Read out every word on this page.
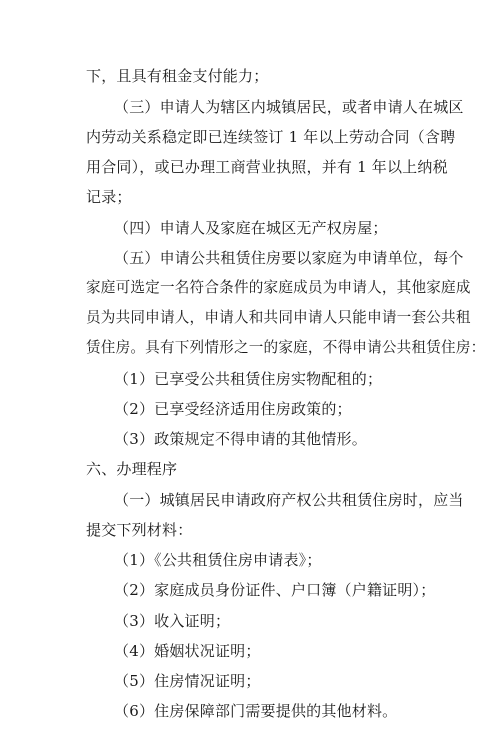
下，且具有租金支付能力；
（三）申请人为辖区内城镇居民，或者申请人在城区
内劳动关系稳定即已连续签订 1 年以上劳动合同（含聘
用合同），或已办理工商营业执照，并有 1 年以上纳税
记录；
（四）申请人及家庭在城区无产权房屋；
（五）申请公共租赁住房要以家庭为申请单位，每个
家庭可选定一名符合条件的家庭成员为申请人，其他家庭成
员为共同申请人，申请人和共同申请人只能申请一套公共租
赁住房。具有下列情形之一的家庭，不得申请公共租赁住房：
（1）已享受公共租赁住房实物配租的；
（2）已享受经济适用住房政策的；
（3）政策规定不得申请的其他情形。
六、办理程序
（一）城镇居民申请政府产权公共租赁住房时，应当
提交下列材料：
（1）《公共租赁住房申请表》；
（2）家庭成员身份证件、户口簿（户籍证明）；
（3）收入证明；
（4）婚姻状况证明；
（5）住房情况证明；
（6）住房保障部门需要提供的其他材料。
